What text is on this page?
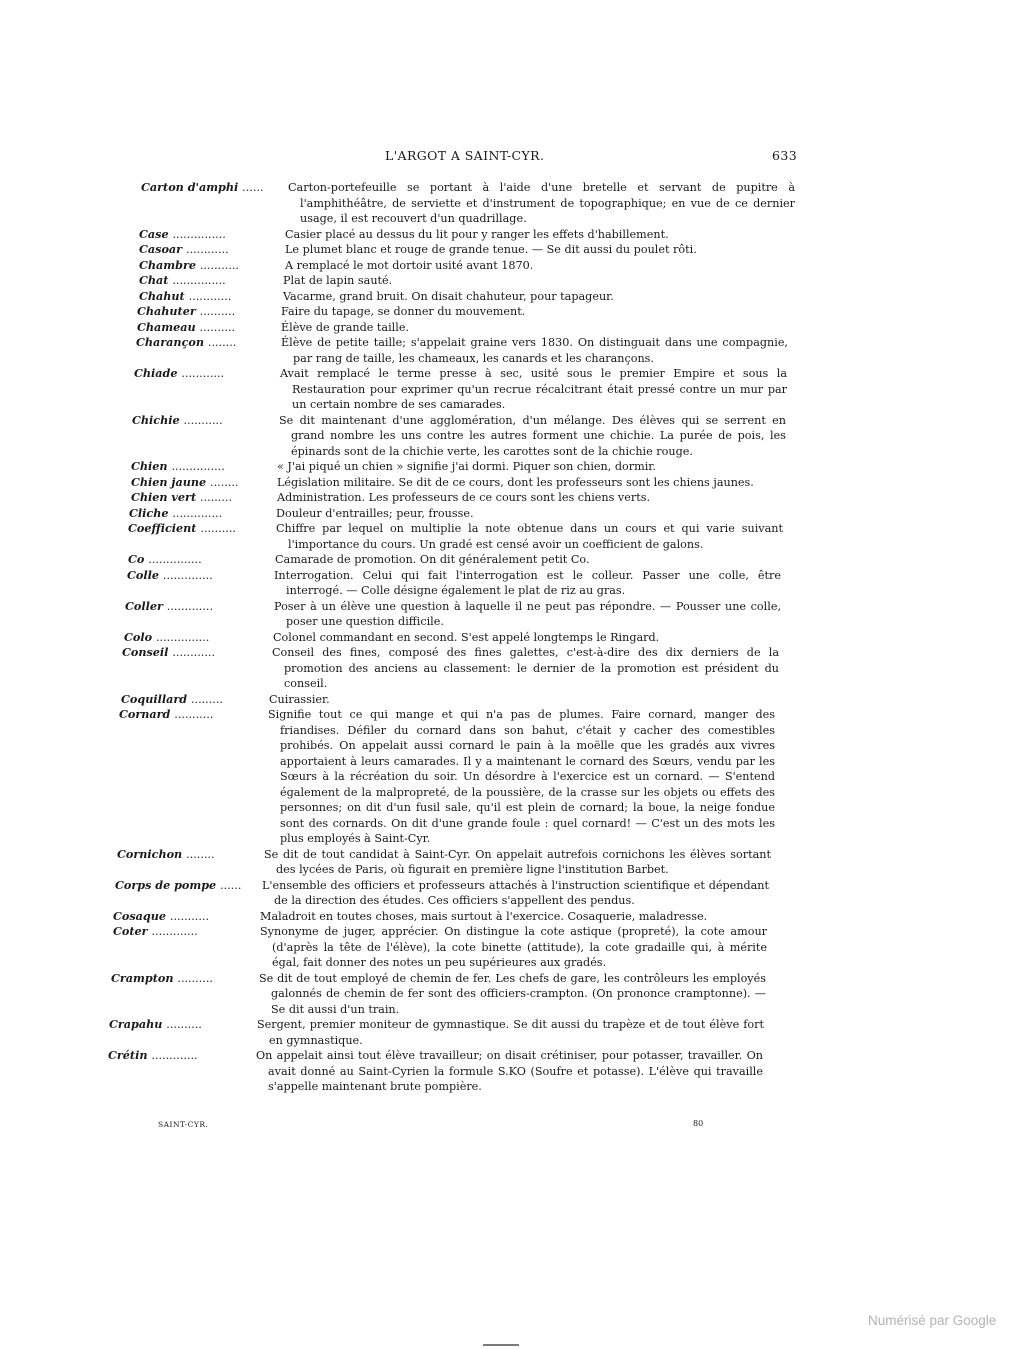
L'ARGOT A SAINT-CYR.	633
Carton d'amphi ...... Carton-portefeuille se portant à l'aide d'une bretelle et servant de pupitre à l'amphithéâtre, de serviette et d'instrument de topographique; en vue de ce dernier usage, il est recouvert d'un quadrillage.
Case ...............	Casier placé au dessus du lit pour y ranger les effets d'habillement.
Casoar ............	Le plumet blanc et rouge de grande tenue. — Se dit aussi du poulet rôti.
Chambre ...........	A remplacé le mot dortoir usité avant 1870.
Chat ...............	Plat de lapin sauté.
Chahut ............	Vacarme, grand bruit. On disait chahuteur, pour tapageur.
Chahuter ..........	Faire du tapage, se donner du mouvement.
Chameau ..........	Élève de grande taille.
Charançon ........	Élève de petite taille; s'appelait graine vers 1830. On distinguait dans une compagnie, par rang de taille, les chameaux, les canards et les charançons.
Chiade ............	Avait remplacé le terme presse à sec, usité sous le premier Empire et sous la Restauration pour exprimer qu'un recrue récalcitrant était pressé contre un mur par un certain nombre de ses camarades.
Chichie ...........	Se dit maintenant d'une agglomération, d'un mélange. Des élèves qui se serrent en grand nombre les uns contre les autres forment une chichie. La purée de pois, les épinards sont de la chichie verte, les carottes sont de la chichie rouge.
Chien ...............	« J'ai piqué un chien » signifie j'ai dormi. Piquer son chien, dormir.
Chien jaune ........	Législation militaire. Se dit de ce cours, dont les professeurs sont les chiens jaunes.
Chien vert .........	Administration. Les professeurs de ce cours sont les chiens verts.
Cliche ..............	Douleur d'entrailles; peur, frousse.
Coefficient ..........	Chiffre par lequel on multiplie la note obtenue dans un cours et qui varie suivant l'importance du cours. Un gradé est censé avoir un coefficient de galons.
Co ...............	Camarade de promotion. On dit généralement petit Co.
Colle ..............	Interrogation. Celui qui fait l'interrogation est le colleur. Passer une colle, être interrogé. — Colle désigne également le plat de riz au gras.
Coller .............	Poser à un élève une question à laquelle il ne peut pas répondre. — Pousser une colle, poser une question difficile.
Colo ...............	Colonel commandant en second. S'est appelé longtemps le Ringard.
Conseil ............	Conseil des fines, composé des fines galettes, c'est-à-dire des dix derniers de la promotion des anciens au classement: le dernier de la promotion est président du conseil.
Coquillard .........	Cuirassier.
Cornard ...........	Signifie tout ce qui mange et qui n'a pas de plumes. Faire cornard, manger des friandises. Défiler du cornard dans son bahut, c'était y cacher des comestibles prohibés. On appelait aussi cornard le pain à la moëlle que les gradés aux vivres apportaient à leurs camarades. Il y a maintenant le cornard des Sœurs, vendu par les Sœurs à la récréation du soir. Un désordre à l'exercice est un cornard. — S'entend également de la malpropreté, de la poussière, de la crasse sur les objets ou effets des personnes; on dit d'un fusil sale, qu'il est plein de cornard; la boue, la neige fondue sont des cornards. On dit d'une grande foule : quel cornard! — C'est un des mots les plus employés à Saint-Cyr.
Cornichon ........	Se dit de tout candidat à Saint-Cyr. On appelait autrefois cornichons les élèves sortant des lycées de Paris, où figurait en première ligne l'institution Barbet.
Corps de pompe ...... L'ensemble des officiers et professeurs attachés à l'instruction scientifique et dépendant de la direction des études. Ces officiers s'appellent des pendus.
Cosaque ...........	Maladroit en toutes choses, mais surtout à l'exercice. Cosaquerie, maladresse.
Coter .............	Synonyme de juger, apprécier. On distingue la cote astique (propreté), la cote amour (d'après la tête de l'élève), la cote binette (attitude), la cote gradaille qui, à mérite égal, fait donner des notes un peu supérieures aux gradés.
Crampton ..........	Se dit de tout employé de chemin de fer. Les chefs de gare, les contrôleurs les employés galonnés de chemin de fer sont des officiers-crampton. (On prononce cramptonne). — Se dit aussi d'un train.
Crapahu ..........	Sergent, premier moniteur de gymnastique. Se dit aussi du trapèze et de tout élève fort en gymnastique.
Crétin .............	On appelait ainsi tout élève travailleur; on disait crétiniser, pour potasser, travailler. On avait donné au Saint-Cyrien la formule S.KO (Soufre et potasse). L'élève qui travaille s'appelle maintenant brute pompière.
SAINT-CYR.	80
Numérisé par Google
